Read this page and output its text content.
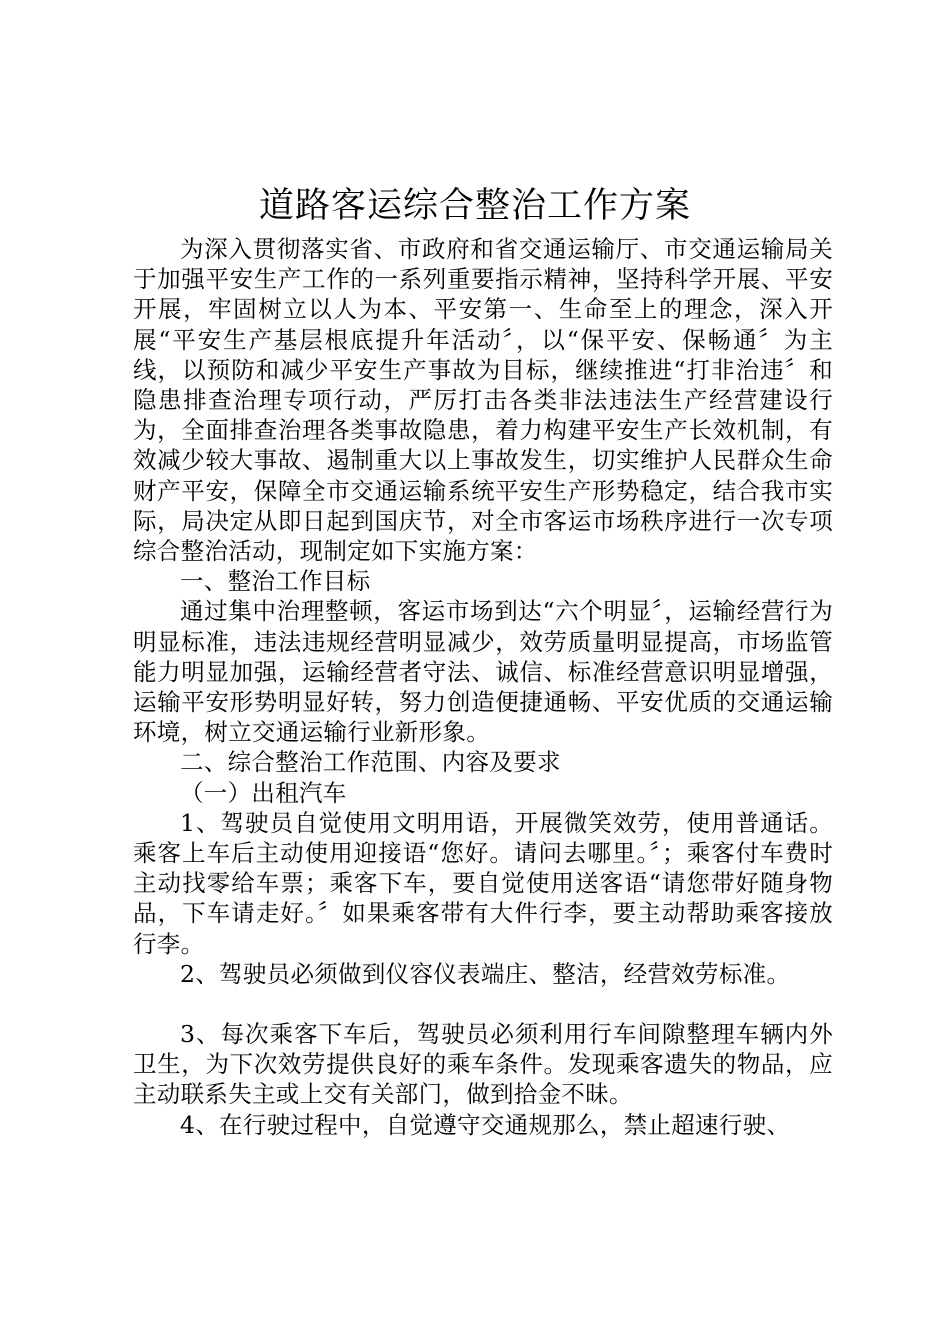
道路客运综合整治工作方案

为深入贯彻落实省、市政府和省交通运输厅、市交通运输局关于加强平安生产工作的一系列重要指示精神，坚持科学开展、平安开展，牢固树立以人为本、平安第一、生命至上的理念，深入开展“平安生产基层根底提升年活动〞，以“保平安、保畅通〞为主线，以预防和减少平安生产事故为目标，继续推进“打非治违〞和隐患排查治理专项行动，严厉打击各类非法违法生产经营建设行为，全面排查治理各类事故隐患，着力构建平安生产长效机制，有效减少较大事故、遏制重大以上事故发生，切实维护人民群众生命财产平安，保障全市交通运输系统平安生产形势稳定，结合我市实际，局决定从即日起到国庆节，对全市客运市场秩序进行一次专项综合整治活动，现制定如下实施方案：

一、整治工作目标

通过集中治理整顿，客运市场到达“六个明显〞，运输经营行为明显标准，违法违规经营明显减少，效劳质量明显提高，市场监管能力明显加强，运输经营者守法、诚信、标准经营意识明显增强，运输平安形势明显好转，努力创造便捷通畅、平安优质的交通运输环境，树立交通运输行业新形象。

二、综合整治工作范围、内容及要求

（一）出租汽车

1、驾驶员自觉使用文明用语，开展微笑效劳，使用普通话。乘客上车后主动使用迎接语“您好。请问去哪里。〞；乘客付车费时主动找零给车票；乘客下车，要自觉使用送客语“请您带好随身物品，下车请走好。〞如果乘客带有大件行李，要主动帮助乘客接放行李。

2、驾驶员必须做到仪容仪表端庄、整洁，经营效劳标准。

3、每次乘客下车后，驾驶员必须利用行车间隙整理车辆内外卫生，为下次效劳提供良好的乘车条件。发现乘客遗失的物品，应主动联系失主或上交有关部门，做到拾金不昧。

4、在行驶过程中，自觉遵守交通规那么，禁止超速行驶、
